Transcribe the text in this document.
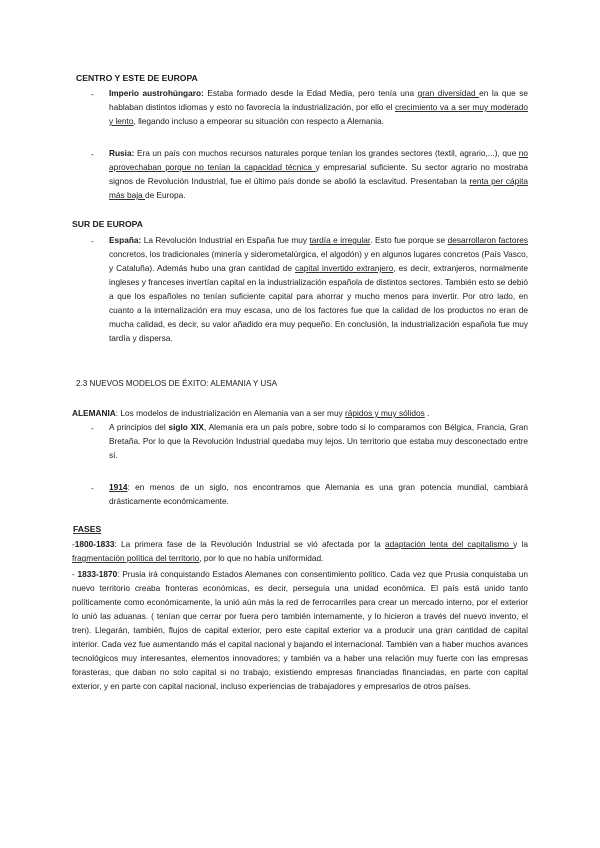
CENTRO Y ESTE DE EUROPA
- Imperio austrohúngaro: Estaba formado desde la Edad Media, pero tenía una gran diversidad en la que se hablaban distintos idiomas y esto no favorecía la industrialización, por ello el crecimiento va a ser muy moderado y lento, llegando incluso a empeorar su situación con respecto a Alemania.
- Rusia: Era un país con muchos recursos naturales porque tenían los grandes sectores (textil, agrario,...), que no aprovechaban porque no tenían la capacidad técnica y empresarial suficiente. Su sector agrario no mostraba signos de Revolución Industrial, fue el último país donde se abolió la esclavitud. Presentaban la renta per cápita más baja de Europa.
SUR DE EUROPA
- España: La Revolución Industrial en España fue muy tardía e irregular. Esto fue porque se desarrollaron factores concretos, los tradicionales (minería y siderometalúrgica, el algodón) y en algunos lugares concretos (País Vasco, y Cataluña). Además hubo una gran cantidad de capital invertido extranjero, es decir, extranjeros, normalmente ingleses y franceses invertían capital en la industrialización española de distintos sectores. También esto se debió a que los españoles no tenían suficiente capital para ahorrar y mucho menos para invertir. Por otro lado, en cuanto a la internalización era muy escasa, uno de los factores fue que la calidad de los productos no eran de mucha calidad, es decir, su valor añadido era muy pequeño. En conclusión, la industrialización española fue muy tardía y dispersa.
2.3 NUEVOS MODELOS DE ÉXITO: ALEMANIA Y USA
ALEMANIA: Los modelos de industrialización en Alemania van a ser muy rápidos y muy sólidos .
- A principios del siglo XIX, Alemania era un país pobre, sobre todo si lo comparamos con Bélgica, Francia, Gran Bretaña. Por lo que la Revolución Industrial quedaba muy lejos. Un territorio que estaba muy desconectado entre sí.
- 1914: en menos de un siglo, nos encontramos que Alemania es una gran potencia mundial, cambiará drásticamente económicamente.
FASES
-1800-1833: La primera fase de la Revolución Industrial se vió afectada por la adaptación lenta del capitalismo y la fragmentación política del territorio, por lo que no había uniformidad.
- 1833-1870: Prusia irá conquistando Estados Alemanes con consentimiento político. Cada vez que Prusia conquistaba un nuevo territorio creaba fronteras económicas, es decir, perseguía una unidad económica. El país está unido tanto políticamente como económicamente, la unió aún más la red de ferrocarriles para crear un mercado interno, por el exterior lo unió las aduanas. ( tenían que cerrar por fuera pero también internamente, y lo hicieron a través del nuevo invento, el tren). Llegarán, también, flujos de capital exterior, pero este capital exterior va a producir una gran cantidad de capital interior. Cada vez fue aumentando más el capital nacional y bajando el internacional. También van a haber muchos avances tecnológicos muy interesantes, elementos innovadores; y también va a haber una relación muy fuerte con las empresas forasteras, que daban no solo capital si no trabajo, existiendo empresas financiadas financiadas, en parte con capital exterior, y en parte con capital nacional, incluso experiencias de trabajadores y empresarios de otros países.
